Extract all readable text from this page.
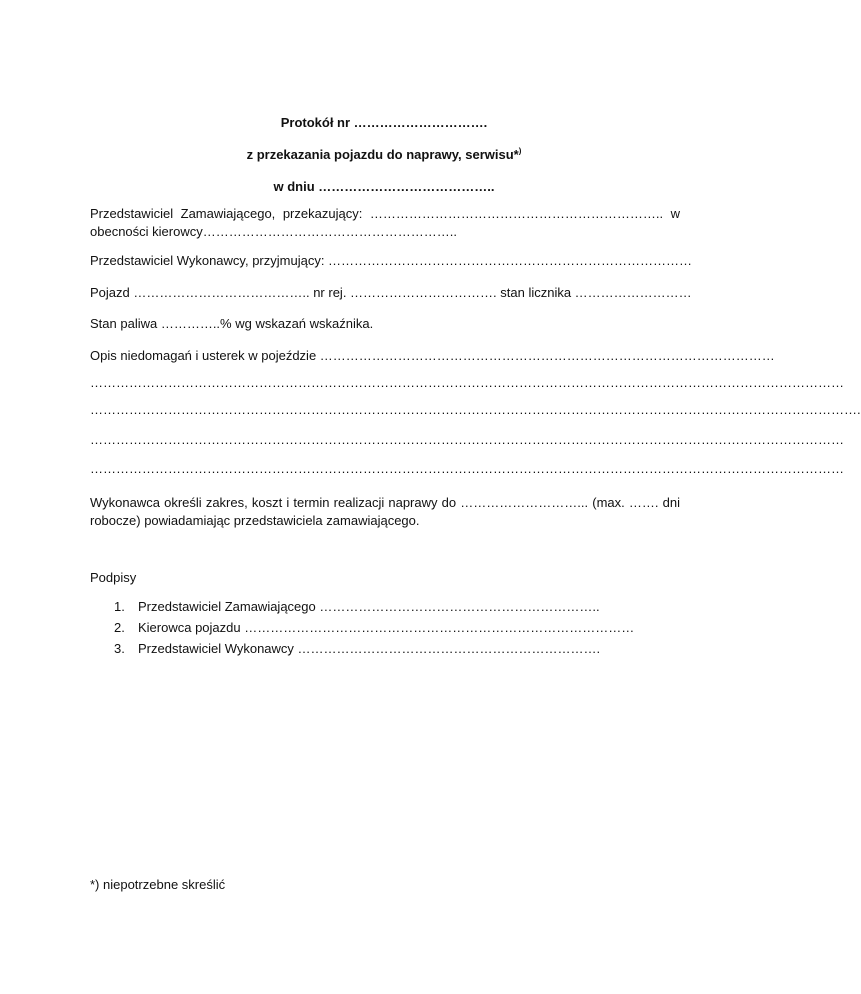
Protokół nr ………………………….
z przekazania pojazdu do naprawy, serwisu*)
w dniu …………………………………..
Przedstawiciel Zamawiającego, przekazujący: ………………………………………………………….. w obecności kierowcy…………………………………………………..
Przedstawiciel Wykonawcy, przyjmujący: …………………………………………………………………………
Pojazd ………………………………….. nr rej. ……………………………. stan licznika ………………………
Stan paliwa …………..% wg wskazań wskaźnika.
Opis niedomagań i usterek w pojeździe ……………………………………………………………………………………………
…………………………………………………………………………………………………………………………………………………………
…………………………………………………………………………………………………………………………………………………………….
…………………………………………………………………………………………………………………………………………………………
…………………………………………………………………………………………………………………………………………………………
Wykonawca określi zakres, koszt i termin realizacji naprawy do ………………………... (max. ……. dni robocze) powiadamiając przedstawiciela zamawiającego.
Podpisy
1. Przedstawiciel Zamawiającego ………………………………………………………..
2. Kierowca pojazdu ………………………………………………………………………………
3. Przedstawiciel Wykonawcy …………………………………………………………….
*) niepotrzebne skreślić
